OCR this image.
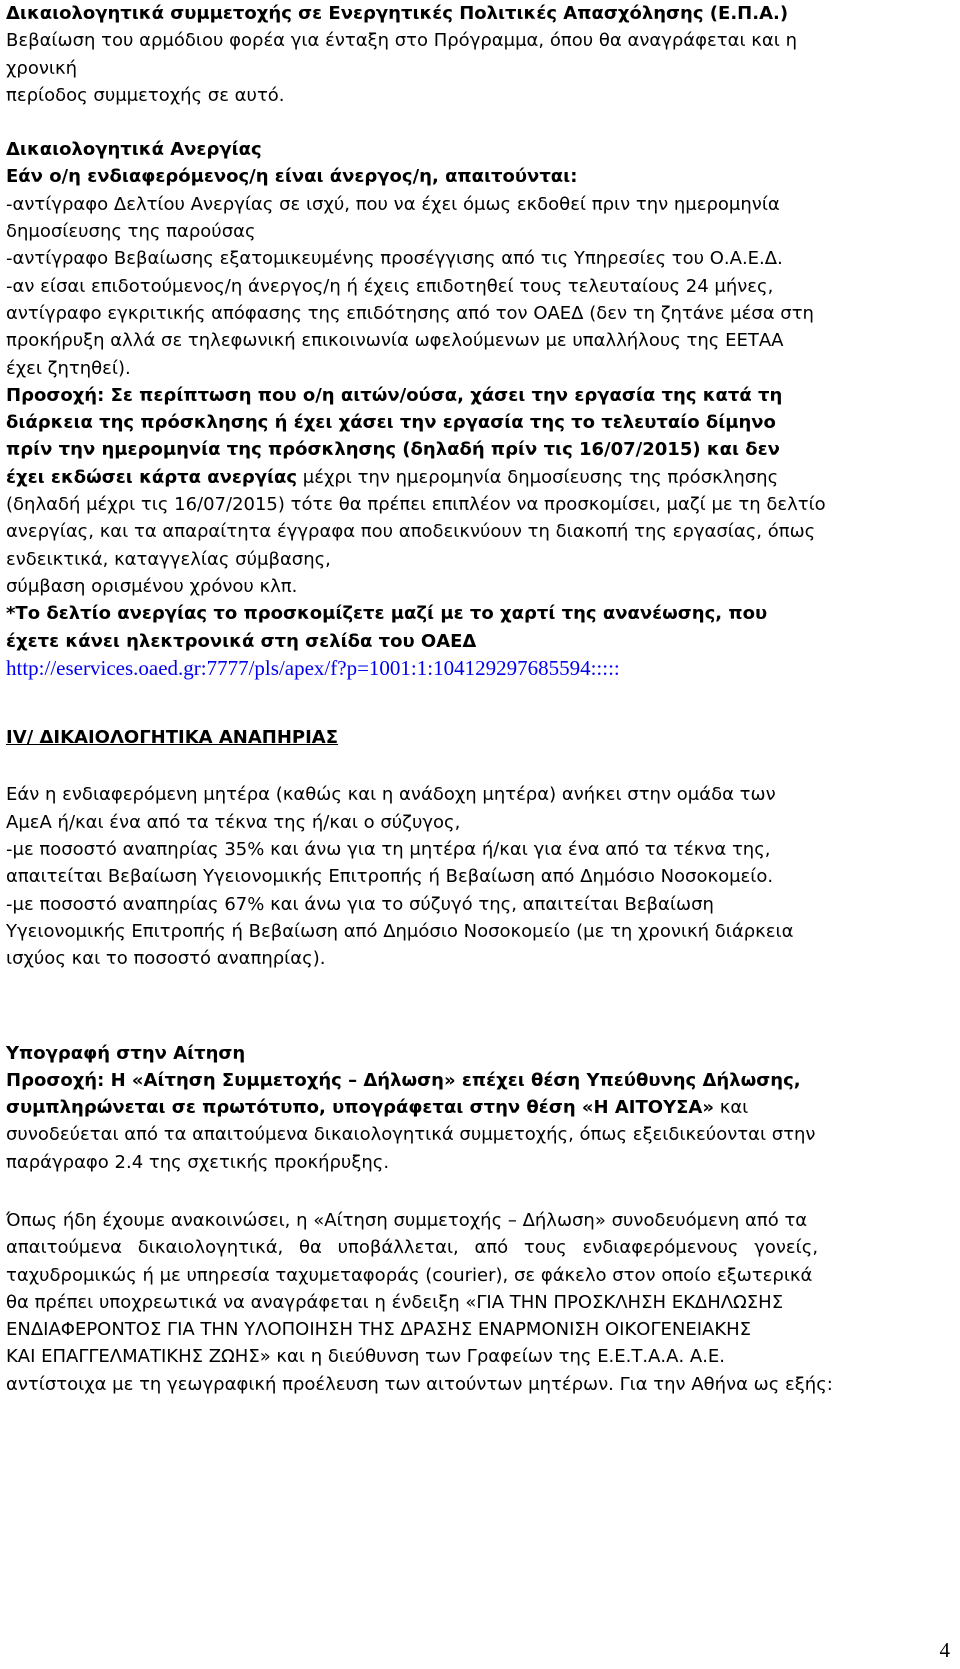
Δικαιολογητικά συμμετοχής σε Ενεργητικές Πολιτικές Απασχόλησης (Ε.Π.Α.)
Βεβαίωση του αρμόδιου φορέα για ένταξη στο Πρόγραμμα, όπου θα αναγράφεται και η
χρονική
περίοδος συμμετοχής σε αυτό.
Δικαιολογητικά Ανεργίας
Εάν ο/η ενδιαφερόμενος/η είναι άνεργος/η, απαιτούνται:
-αντίγραφο Δελτίου Ανεργίας σε ισχύ, που να έχει όμως εκδοθεί πριν την ημερομηνία
δημοσίευσης της παρούσας
-αντίγραφο Βεβαίωσης εξατομικευμένης προσέγγισης από τις Υπηρεσίες του Ο.Α.Ε.Δ.
-αν είσαι επιδοτούμενος/η άνεργος/η ή έχεις επιδοτηθεί τους τελευταίους 24 μήνες,
αντίγραφο εγκριτικής απόφασης της επιδότησης από τον ΟΑΕΔ (δεν τη ζητάνε μέσα στη
προκήρυξη αλλά σε τηλεφωνική επικοινωνία ωφελούμενων με υπαλλήλους της ΕΕΤΑΑ
έχει ζητηθεί).
Προσοχή: Σε περίπτωση που ο/η αιτών/ούσα, χάσει την εργασία της κατά τη
διάρκεια της πρόσκλησης ή έχει χάσει την εργασία της το τελευταίο δίμηνο
πρίν την ημερομηνία της πρόσκλησης (δηλαδή πρίν τις 16/07/2015) και δεν
έχει εκδώσει κάρτα ανεργίας μέχρι την ημερομηνία δημοσίευσης της πρόσκλησης
(δηλαδή μέχρι τις 16/07/2015) τότε θα πρέπει επιπλέον να προσκομίσει, μαζί με τη δελτίο
ανεργίας, και τα απαραίτητα έγγραφα που αποδεικνύουν τη διακοπή της εργασίας, όπως
ενδεικτικά, καταγγελίας σύμβασης,
σύμβαση ορισμένου χρόνου κλπ.
*Το δελτίο ανεργίας το προσκομίζετε μαζί με το χαρτί της ανανέωσης, που
έχετε κάνει ηλεκτρονικά στη σελίδα του ΟΑΕΔ
http://eservices.oaed.gr:7777/pls/apex/f?p=1001:1:104129297685594:::::
IV/ ΔΙΚΑΙΟΛΟΓΗΤΙΚΑ ΑΝΑΠΗΡΙΑΣ
Εάν η ενδιαφερόμενη μητέρα (καθώς και η ανάδοχη μητέρα) ανήκει στην ομάδα των
ΑμεΑ ή/και ένα από τα τέκνα της ή/και ο σύζυγος,
-με ποσοστό αναπηρίας 35% και άνω για τη μητέρα ή/και για ένα από τα τέκνα της,
απαιτείται Βεβαίωση Υγειονομικής Επιτροπής ή Βεβαίωση από Δημόσιο Νοσοκομείο.
-με ποσοστό αναπηρίας 67% και άνω για το σύζυγό της, απαιτείται Βεβαίωση
Υγειονομικής Επιτροπής ή Βεβαίωση από Δημόσιο Νοσοκομείο (με τη χρονική διάρκεια
ισχύος και το ποσοστό αναπηρίας).
Υπογραφή στην Αίτηση
Προσοχή: Η «Αίτηση Συμμετοχής – Δήλωση» επέχει θέση Υπεύθυνης Δήλωσης,
συμπληρώνεται σε πρωτότυπο, υπογράφεται στην θέση «Η ΑΙΤΟΥΣΑ» και
συνοδεύεται από τα απαιτούμενα δικαιολογητικά συμμετοχής, όπως εξειδικεύονται στην
παράγραφο 2.4 της σχετικής προκήρυξης.
Όπως ήδη έχουμε ανακοινώσει, η «Αίτηση συμμετοχής – Δήλωση» συνοδευόμενη από τα
απαιτούμενα δικαιολογητικά, θα υποβάλλεται, από τους ενδιαφερόμενους γονείς,
ταχυδρομικώς ή με υπηρεσία ταχυμεταφοράς (courier), σε φάκελο στον οποίο εξωτερικά
θα πρέπει υποχρεωτικά να αναγράφεται η ένδειξη «ΓΙΑ ΤΗΝ ΠΡΟΣΚΛΗΣΗ ΕΚΔΗΛΩΣΗΣ
ΕΝΔΙΑΦΕΡΟΝΤΟΣ ΓΙΑ ΤΗΝ ΥΛΟΠΟΙΗΣΗ ΤΗΣ ΔΡΑΣΗΣ ΕΝΑΡΜΟΝΙΣΗ ΟΙΚΟΓΕΝΕΙΑΚΗΣ
ΚΑΙ ΕΠΑΓΓΕΛΜΑΤΙΚΗΣ ΖΩΗΣ» και η διεύθυνση των Γραφείων της Ε.Ε.Τ.Α.Α. Α.Ε.
αντίστοιχα με τη γεωγραφική προέλευση των αιτούντων μητέρων. Για την Αθήνα ως εξής:
4
